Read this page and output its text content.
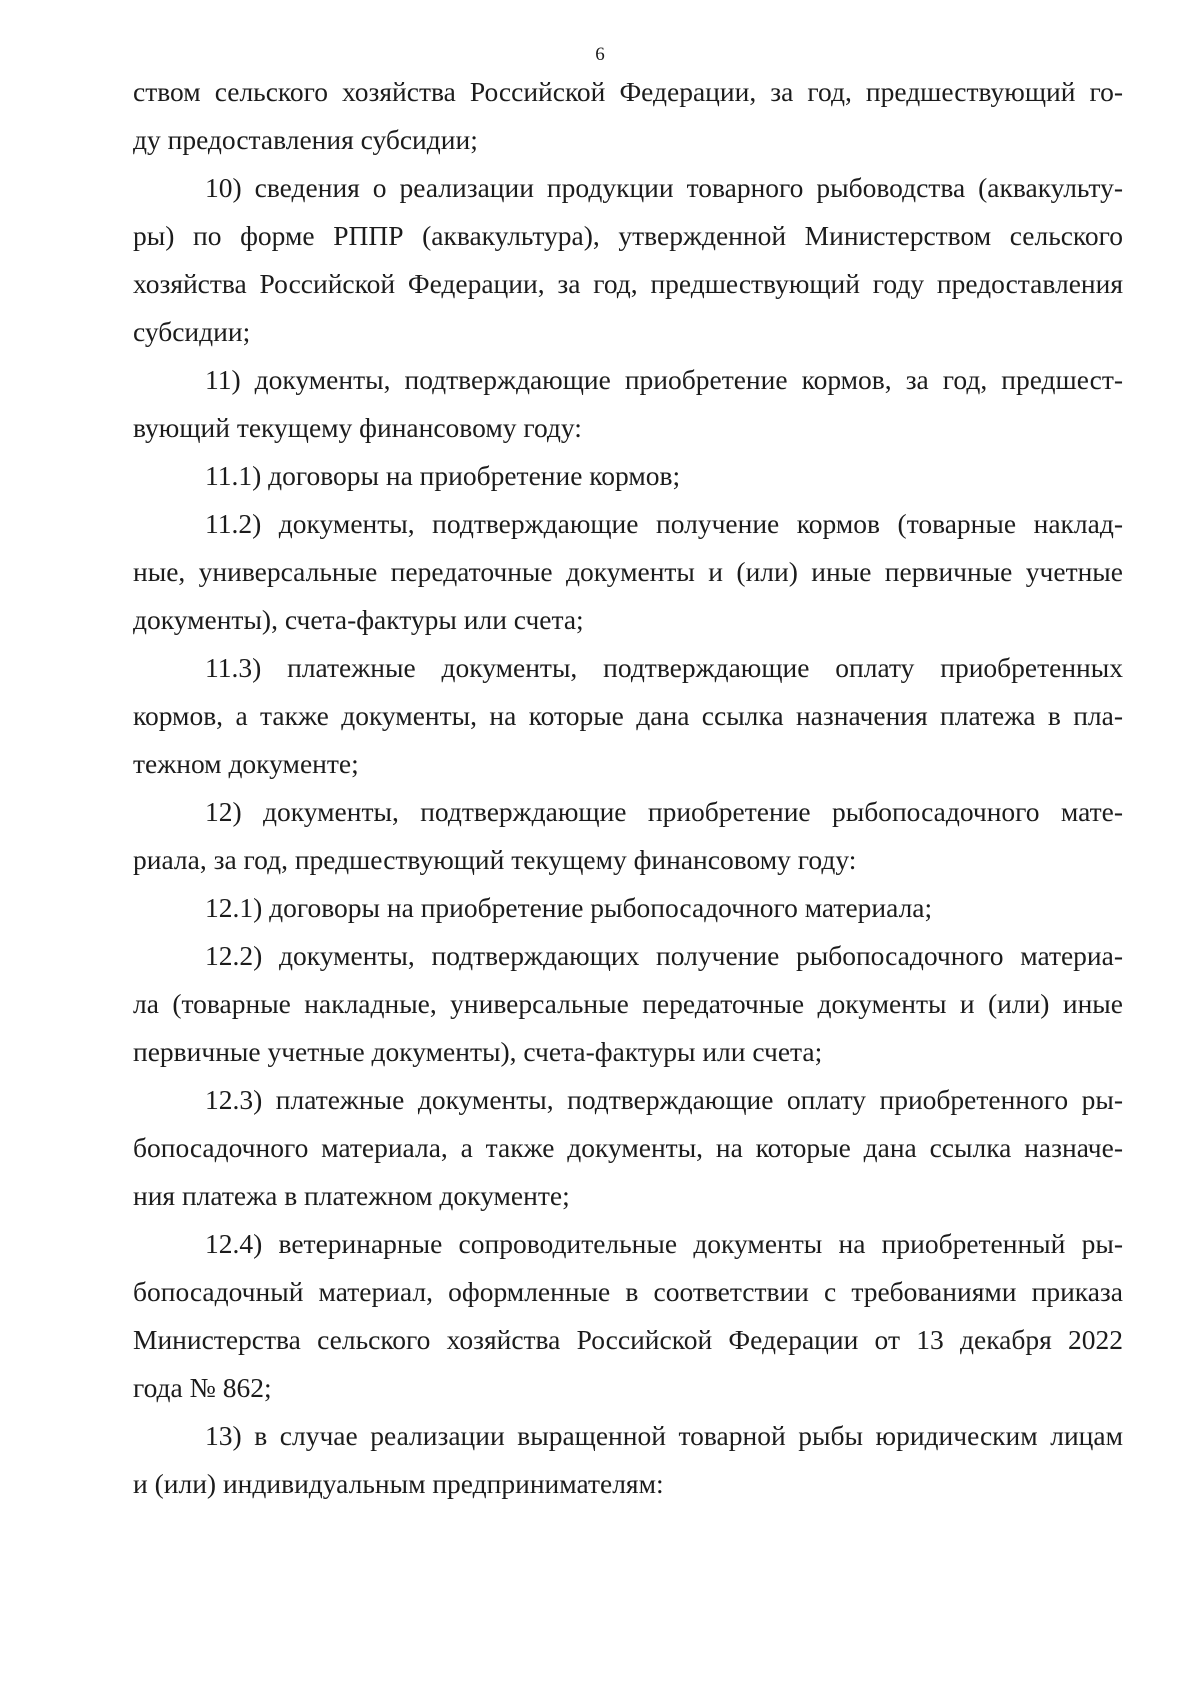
6
ством сельского хозяйства Российской Федерации, за год, предшествующий го-
ду предоставления субсидии;
10) сведения о реализации продукции товарного рыбоводства (аквакульту-
ры) по форме РППР (аквакультура), утвержденной Министерством сельского
хозяйства Российской Федерации, за год, предшествующий году предоставления
субсидии;
11) документы, подтверждающие приобретение кормов, за год, предшест-
вующий текущему финансовому году:
11.1) договоры на приобретение кормов;
11.2) документы, подтверждающие получение кормов (товарные наклад-
ные, универсальные передаточные документы и (или) иные первичные учетные
документы), счета-фактуры или счета;
11.3) платежные документы, подтверждающие оплату приобретенных
кормов, а также документы, на которые дана ссылка назначения платежа в пла-
тежном документе;
12) документы, подтверждающие приобретение рыбопосадочного мате-
риала, за год, предшествующий текущему финансовому году:
12.1) договоры на приобретение рыбопосадочного материала;
12.2) документы, подтверждающих получение рыбопосадочного материа-
ла (товарные накладные, универсальные передаточные документы и (или) иные
первичные учетные документы), счета-фактуры или счета;
12.3) платежные документы, подтверждающие оплату приобретенного ры-
бопосадочного материала, а также документы, на которые дана ссылка назначе-
ния платежа в платежном документе;
12.4) ветеринарные сопроводительные документы на приобретенный ры-
бопосадочный материал, оформленные в соответствии с требованиями приказа
Министерства сельского хозяйства Российской Федерации от 13 декабря 2022
года № 862;
13) в случае реализации выращенной товарной рыбы юридическим лицам
и (или) индивидуальным предпринимателям:
